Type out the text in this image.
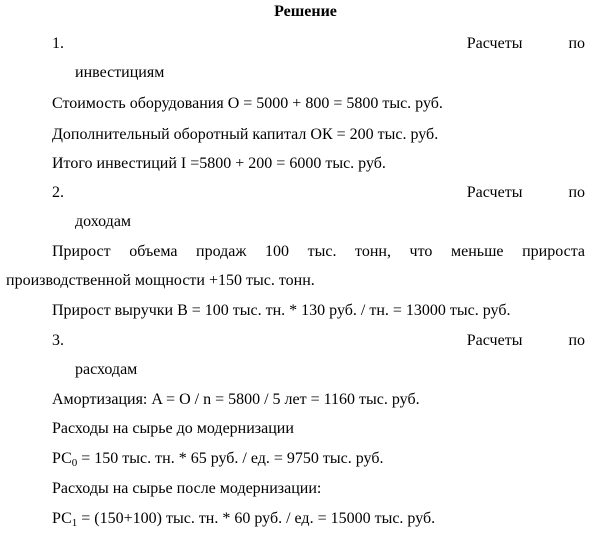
Решение
1.	Расчеты	по
инвестициям
Стоимость оборудования О = 5000 + 800 = 5800 тыс. руб.
Дополнительный оборотный капитал ОК = 200 тыс. руб.
Итого инвестиций I =5800 + 200 = 6000 тыс. руб.
2.	Расчеты	по
доходам
Прирост объема продаж 100 тыс. тонн, что меньше прироста
производственной мощности +150 тыс. тонн.
Прирост выручки В = 100 тыс. тн. * 130 руб. / тн. = 13000 тыс. руб.
3.	Расчеты	по
расходам
Амортизация: A = O / n = 5800 / 5 лет = 1160 тыс. руб.
Расходы на сырье до модернизации
$РС_0 = 150$ тыс. тн. * 65 руб. / ед. = 9750 тыс. руб.
Расходы на сырье после модернизации:
$РС_1 = (150+100)$ тыс. тн. * 60 руб. / ед. = 15000 тыс. руб.
